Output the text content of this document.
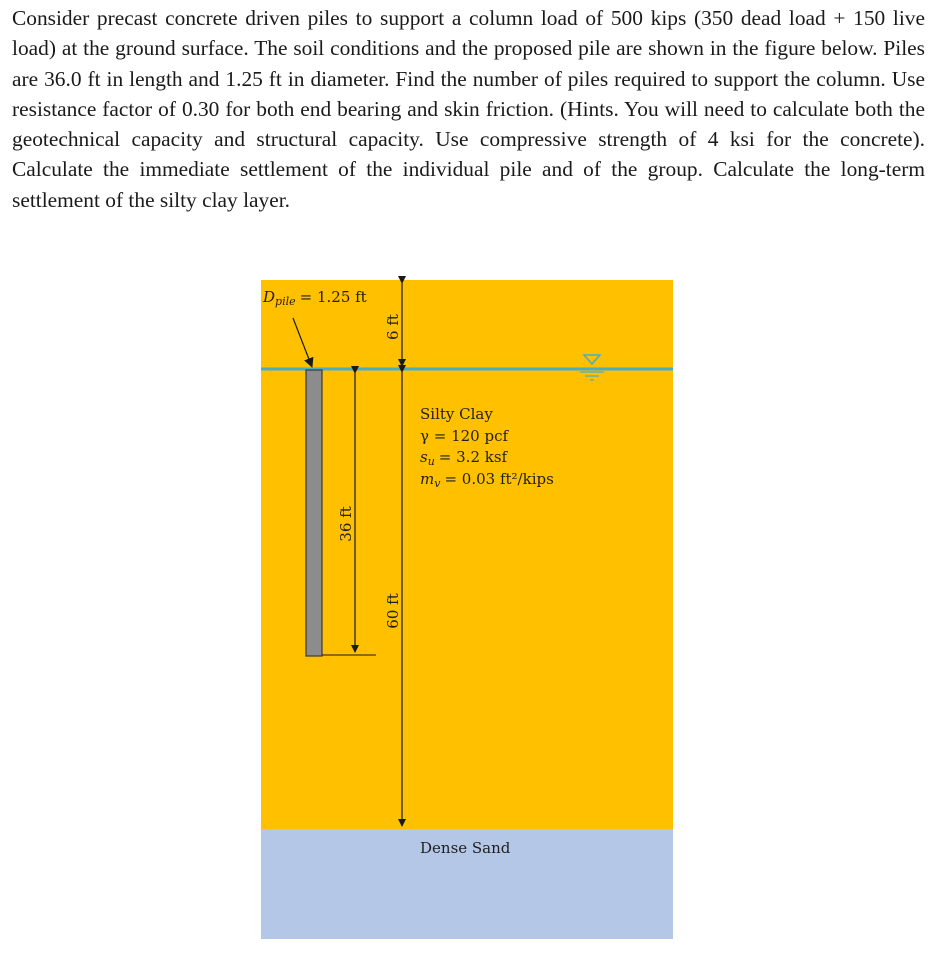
Consider precast concrete driven piles to support a column load of 500 kips (350 dead load + 150 live load) at the ground surface. The soil conditions and the proposed pile are shown in the figure below. Piles are 36.0 ft in length and 1.25 ft in diameter. Find the number of piles required to support the column. Use resistance factor of 0.30 for both end bearing and skin friction. (Hints. You will need to calculate both the geotechnical capacity and structural capacity. Use compressive strength of 4 ksi for the concrete). Calculate the immediate settlement of the individual pile and of the group. Calculate the long-term settlement of the silty clay layer.

$D_{pile} = 1.25$ ft
36 ft
6 ft
60 ft
Silty Clay
γ = 120 pcf
$s_u = 3.2$ ksf
$m_v = 0.03$ ft²/kips
Dense Sand
